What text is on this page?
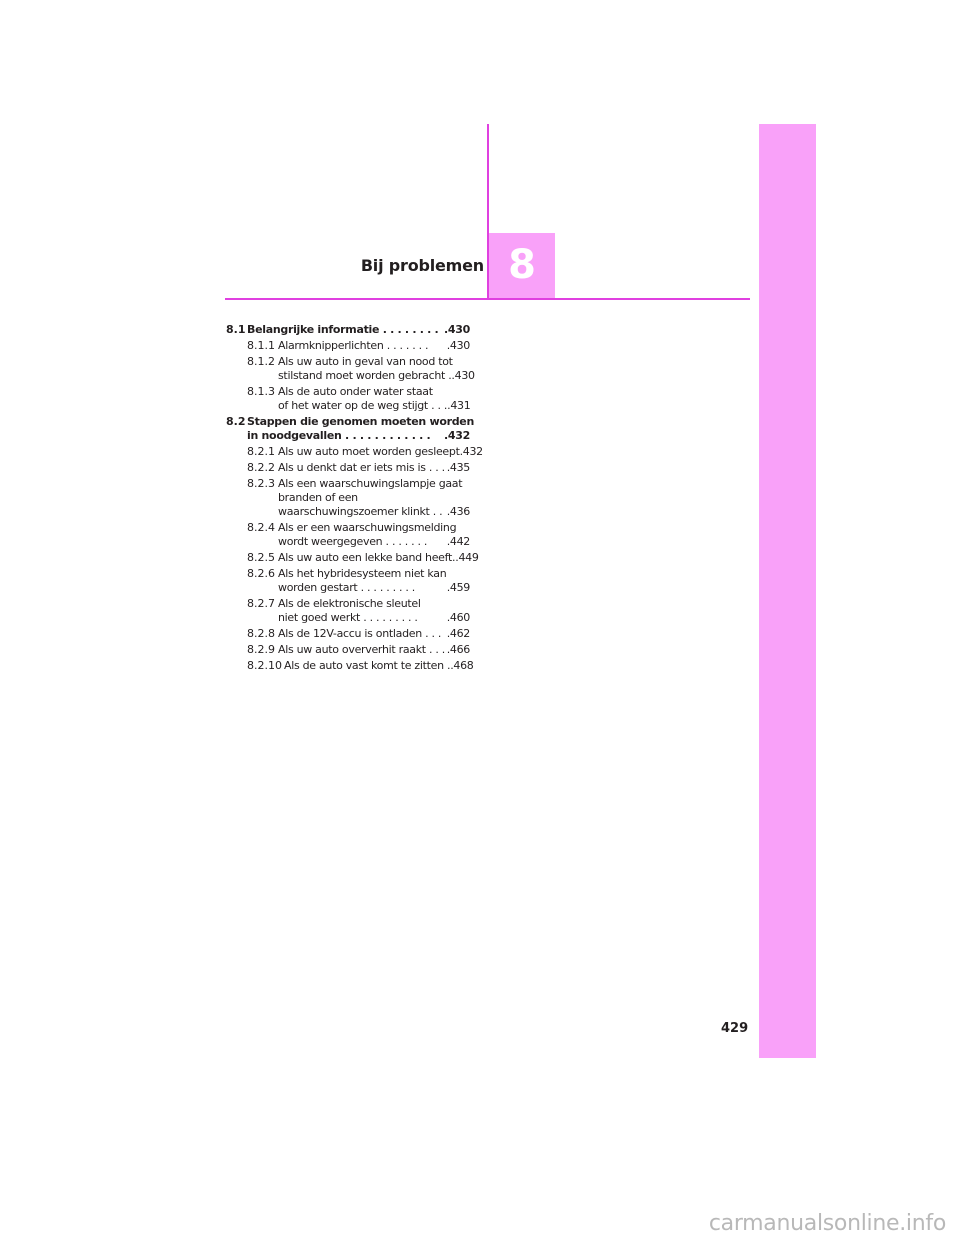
8
Bij problemen
8.1 Belangrijke informatie . . . . . . . . .430
8.1.1 Alarmknipperlichten . . . . . . . .430
8.1.2 Als uw auto in geval van nood tot
stilstand moet worden gebracht . .430
8.1.3 Als de auto onder water staat
of het water op de weg stijgt . . . .431
8.2 Stappen die genomen moeten worden
in noodgevallen . . . . . . . . . . . . .432
8.2.1 Als uw auto moet worden gesleept .432
8.2.2 Als u denkt dat er iets mis is . . . .435
8.2.3 Als een waarschuwingslampje gaat
branden of een
waarschuwingszoemer klinkt . . .436
8.2.4 Als er een waarschuwingsmelding
wordt weergegeven . . . . . . . .442
8.2.5 Als uw auto een lekke band heeft. .449
8.2.6 Als het hybridesysteem niet kan
worden gestart . . . . . . . . .	.459
8.2.7 Als de elektronische sleutel
niet goed werkt . . . . . . . . .	.460
8.2.8 Als de 12V-accu is ontladen . . . .462
8.2.9 Als uw auto oververhit raakt . . . .466
8.2.10 Als de auto vast komt te zitten . .468
429
carmanualsonline.info
